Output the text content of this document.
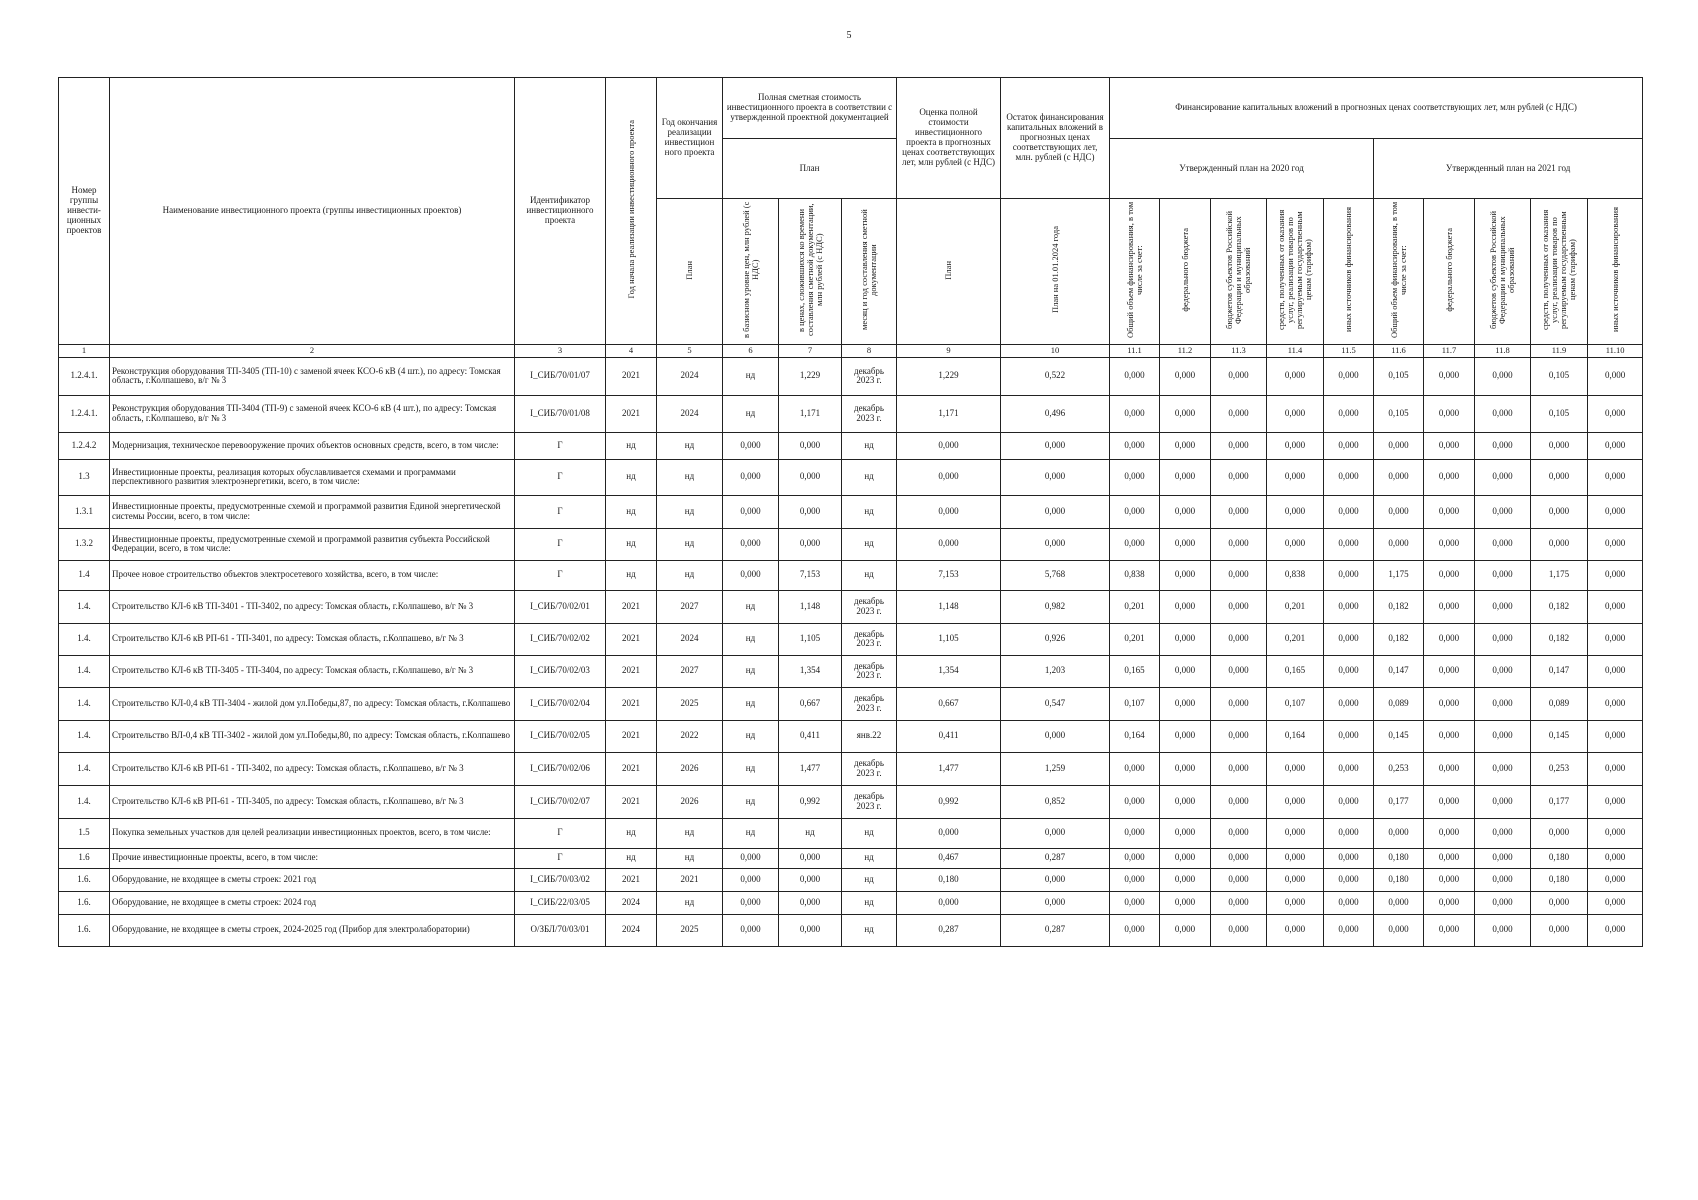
5
Номер группы инвести-ционных проектов	Наименование инвестиционного проекта (группы инвестиционных проектов)	Идентификатор инвестиционного проекта	Год начала реализации инвестиционного проекта	Год окончания реализации инвестицион ного проекта	Полная сметная стоимость инвестиционного проекта в соответствии с утвержденной проектной документацией			Оценка полной стоимости инвестиционного проекта в прогнозных ценах соответствующих лет, млн рублей (с НДС)	Остаток финансирования капитальных вложений в прогнозных ценах соответствующих лет, млн. рублей (с НДС)	Финансирование капитальных вложений в прогнозных ценах соответствующих лет, млн рублей (с НДС)									
					План					Утвержденный план на 2020 год					Утвержденный план на 2021 год				
				План	в базисном уровне цен, млн рублей (с НДС)	в ценах, сложившихся ко времени составления сметной документации, млн рублей (с НДС)	месяц и год составления сметной документации	План	План на 01.01.2024 года	Общий объем финансирования, в том числе за счет:	федерального бюджета	бюджетов субъектов Российской Федерации и муниципальных образований	средств, полученных от оказания услуг, реализации товаров по регулируемым государственным ценам (тарифам)	иных источников финансирования	Общий объем финансирования, в том числе за счет:	федерального бюджета	бюджетов субъектов Российской Федерации и муниципальных образований	средств, полученных от оказания услуг, реализации товаров по регулируемым государственным ценам (тарифам)	иных источников финансирования
1	2	3	4	5	6	7	8	9	10	11.1	11.2	11.3	11.4	11.5	11.6	11.7	11.8	11.9	11.10
1.2.4.1.	Реконструкция оборудования ТП-3405 (ТП-10) с заменой ячеек КСО-6 кВ (4 шт.), по адресу: Томская область, г.Колпашево, в/г № 3	I_СИБ/70/01/07	2021	2024	нд	1,229	декабрь 2023 г.	1,229	0,522	0,000	0,000	0,000	0,000	0,000	0,105	0,000	0,000	0,105	0,000
1.2.4.1.	Реконструкция оборудования ТП-3404 (ТП-9) с заменой ячеек КСО-6 кВ (4 шт.), по адресу: Томская область, г.Колпашево, в/г № 3	I_СИБ/70/01/08	2021	2024	нд	1,171	декабрь 2023 г.	1,171	0,496	0,000	0,000	0,000	0,000	0,000	0,105	0,000	0,000	0,105	0,000
1.2.4.2	Модернизация, техническое перевооружение прочих объектов основных средств, всего, в том числе:	Г	нд	нд	0,000	0,000	нд	0,000	0,000	0,000	0,000	0,000	0,000	0,000	0,000	0,000	0,000	0,000	0,000
1.3	Инвестиционные проекты, реализация которых обуславливается схемами и программами перспективного развития электроэнергетики, всего, в том числе:	Г	нд	нд	0,000	0,000	нд	0,000	0,000	0,000	0,000	0,000	0,000	0,000	0,000	0,000	0,000	0,000	0,000
1.3.1	Инвестиционные проекты, предусмотренные схемой и программой развития Единой энергетической системы России, всего, в том числе:	Г	нд	нд	0,000	0,000	нд	0,000	0,000	0,000	0,000	0,000	0,000	0,000	0,000	0,000	0,000	0,000	0,000
1.3.2	Инвестиционные проекты, предусмотренные схемой и программой развития субъекта Российской Федерации, всего, в том числе:	Г	нд	нд	0,000	0,000	нд	0,000	0,000	0,000	0,000	0,000	0,000	0,000	0,000	0,000	0,000	0,000	0,000
1.4	Прочее новое строительство объектов электросетевого хозяйства, всего, в том числе:	Г	нд	нд	0,000	7,153	нд	7,153	5,768	0,838	0,000	0,000	0,838	0,000	1,175	0,000	0,000	1,175	0,000
1.4.	Строительство КЛ-6 кВ ТП-3401 - ТП-3402, по адресу: Томская область, г.Колпашево, в/г № 3	I_СИБ/70/02/01	2021	2027	нд	1,148	декабрь 2023 г.	1,148	0,982	0,201	0,000	0,000	0,201	0,000	0,182	0,000	0,000	0,182	0,000
1.4.	Строительство КЛ-6 кВ РП-61 - ТП-3401, по адресу: Томская область, г.Колпашево, в/г № 3	I_СИБ/70/02/02	2021	2024	нд	1,105	декабрь 2023 г.	1,105	0,926	0,201	0,000	0,000	0,201	0,000	0,182	0,000	0,000	0,182	0,000
1.4.	Строительство КЛ-6 кВ ТП-3405 - ТП-3404, по адресу: Томская область, г.Колпашево, в/г № 3	I_СИБ/70/02/03	2021	2027	нд	1,354	декабрь 2023 г.	1,354	1,203	0,165	0,000	0,000	0,165	0,000	0,147	0,000	0,000	0,147	0,000
1.4.	Строительство КЛ-0,4 кВ ТП-3404 - жилой дом ул.Победы,87, по адресу: Томская область, г.Колпашево	I_СИБ/70/02/04	2021	2025	нд	0,667	декабрь 2023 г.	0,667	0,547	0,107	0,000	0,000	0,107	0,000	0,089	0,000	0,000	0,089	0,000
1.4.	Строительство ВЛ-0,4 кВ ТП-3402 - жилой дом ул.Победы,80, по адресу: Томская область, г.Колпашево	I_СИБ/70/02/05	2021	2022	нд	0,411	янв.22	0,411	0,000	0,164	0,000	0,000	0,164	0,000	0,145	0,000	0,000	0,145	0,000
1.4.	Строительство КЛ-6 кВ РП-61 - ТП-3402, по адресу: Томская область, г.Колпашево, в/г № 3	I_СИБ/70/02/06	2021	2026	нд	1,477	декабрь 2023 г.	1,477	1,259	0,000	0,000	0,000	0,000	0,000	0,253	0,000	0,000	0,253	0,000
1.4.	Строительство КЛ-6 кВ РП-61 - ТП-3405, по адресу: Томская область, г.Колпашево, в/г № 3	I_СИБ/70/02/07	2021	2026	нд	0,992	декабрь 2023 г.	0,992	0,852	0,000	0,000	0,000	0,000	0,000	0,177	0,000	0,000	0,177	0,000
1.5	Покупка земельных участков для целей реализации инвестиционных проектов, всего, в том числе:	Г	нд	нд	нд	нд	нд	0,000	0,000	0,000	0,000	0,000	0,000	0,000	0,000	0,000	0,000	0,000	0,000
1.6	Прочие инвестиционные проекты, всего, в том числе:	Г	нд	нд	0,000	0,000	нд	0,467	0,287	0,000	0,000	0,000	0,000	0,000	0,180	0,000	0,000	0,180	0,000
1.6.	Оборудование, не входящее в сметы строек: 2021 год	I_СИБ/70/03/02	2021	2021	0,000	0,000	нд	0,180	0,000	0,000	0,000	0,000	0,000	0,000	0,180	0,000	0,000	0,180	0,000
1.6.	Оборудование, не входящее в сметы строек: 2024 год	I_СИБ/22/03/05	2024	нд	0,000	0,000	нд	0,000	0,000	0,000	0,000	0,000	0,000	0,000	0,000	0,000	0,000	0,000	0,000
1.6.	Оборудование, не входящее в сметы строек, 2024-2025 год (Прибор для электролаборатории)	О/ЗБЛ/70/03/01	2024	2025	0,000	0,000	нд	0,287	0,287	0,000	0,000	0,000	0,000	0,000	0,000	0,000	0,000	0,000	0,000
